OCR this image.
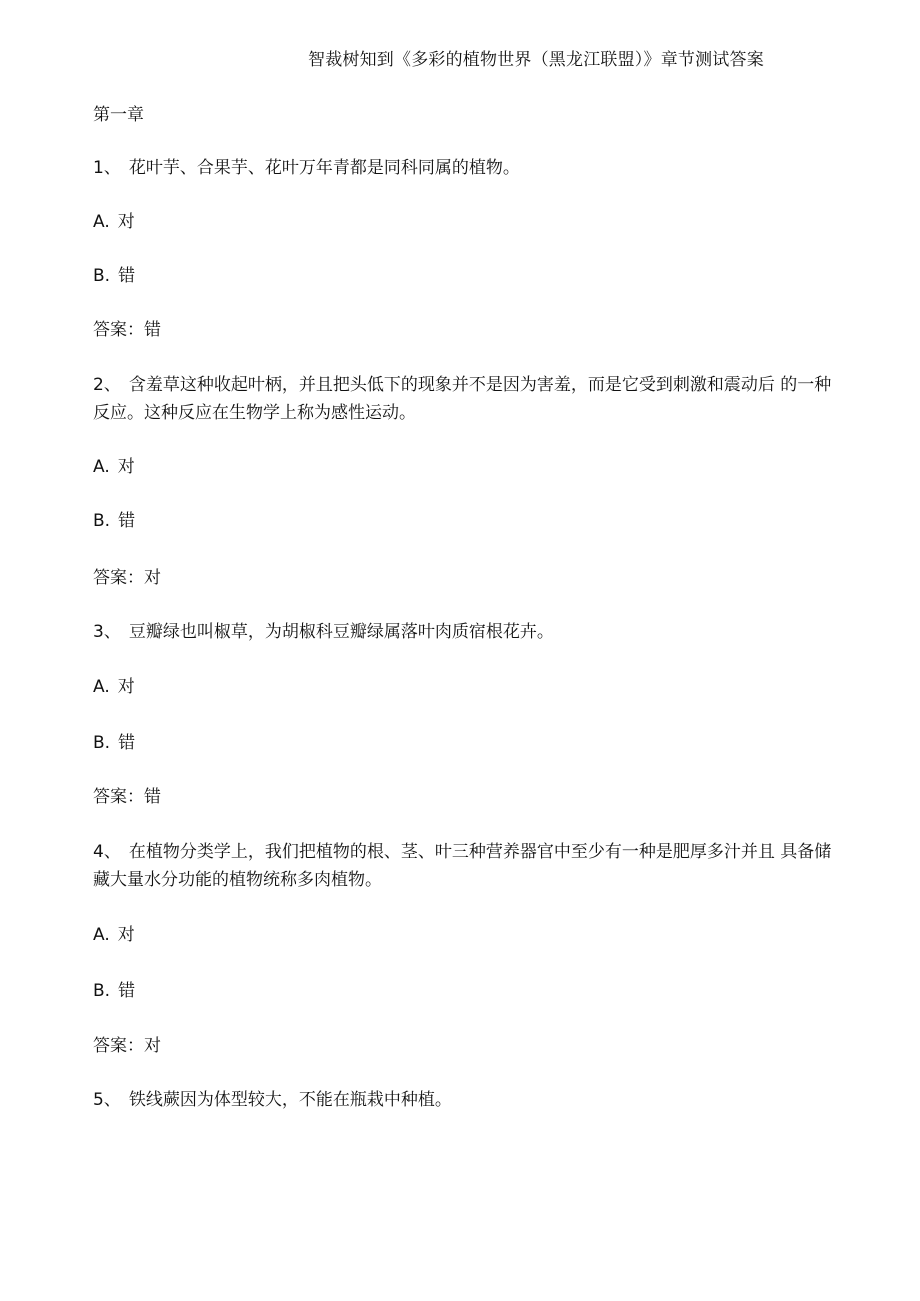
智裁树知到《多彩的植物世界（黑龙江联盟）》章节测试答案
第一章
1、 花叶芋、合果芋、花叶万年青都是同科同属的植物。
A. 对
B. 错
答案：错
2、 含羞草这种收起叶柄，并且把头低下的现象并不是因为害羞，而是它受到刺激和震动后 的一种反应。这种反应在生物学上称为感性运动。
A. 对
B. 错
答案：对
3、 豆瓣绿也叫椒草，为胡椒科豆瓣绿属落叶肉质宿根花卉。
A. 对
B. 错
答案：错
4、 在植物分类学上，我们把植物的根、茎、叶三种营养器官中至少有一种是肥厚多汁并且 具备储藏大量水分功能的植物统称多肉植物。
A. 对
B. 错
答案：对
5、 铁线蕨因为体型较大，不能在瓶栽中种植。
